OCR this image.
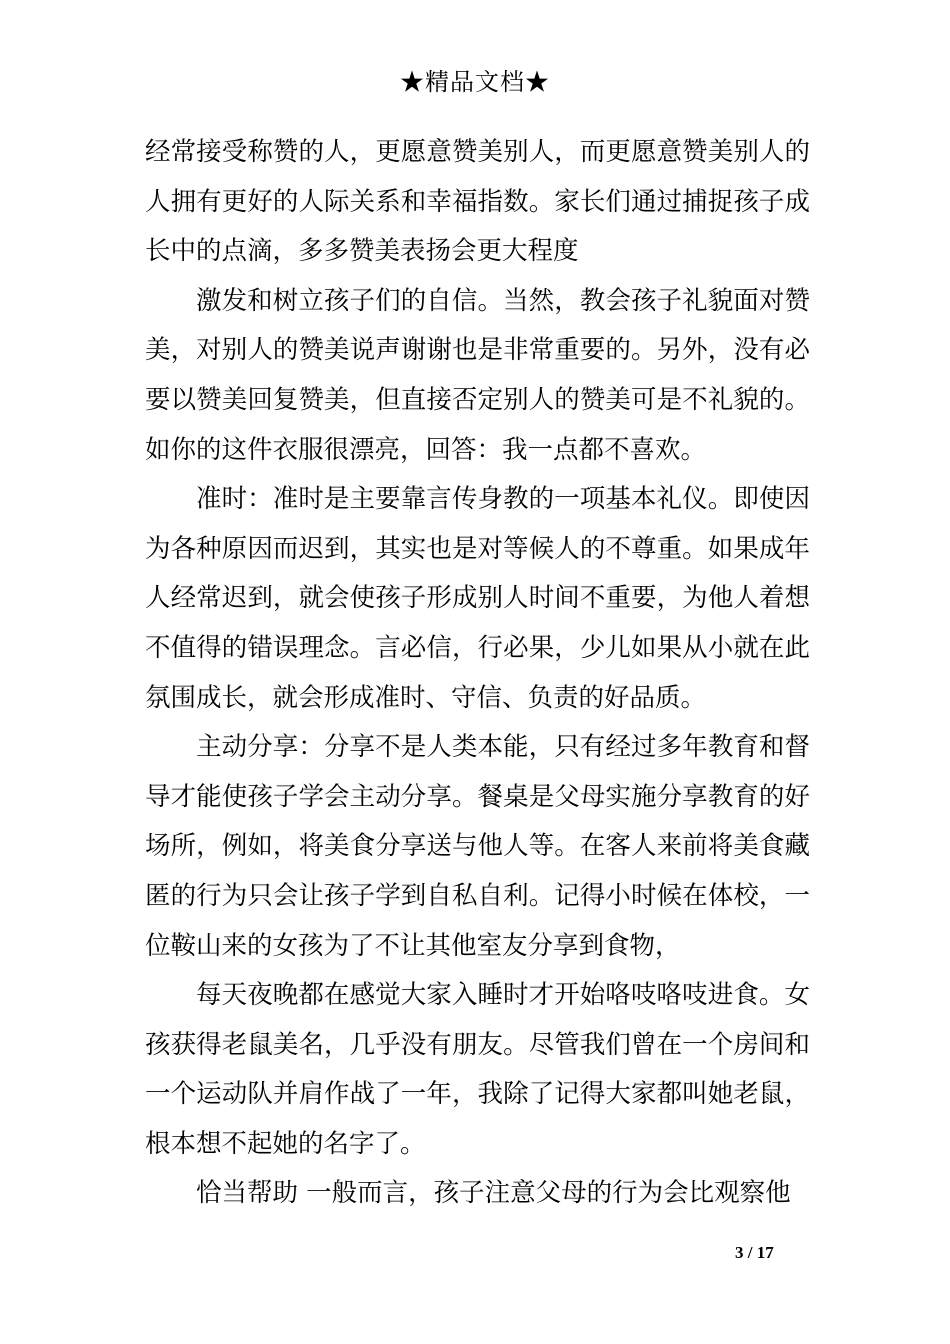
★精品文档★

经常接受称赞的人，更愿意赞美别人，而更愿意赞美别人的人拥有更好的人际关系和幸福指数。家长们通过捕捉孩子成长中的点滴，多多赞美表扬会更大程度

激发和树立孩子们的自信。当然，教会孩子礼貌面对赞美，对别人的赞美说声谢谢也是非常重要的。另外，没有必要以赞美回复赞美，但直接否定别人的赞美可是不礼貌的。如你的这件衣服很漂亮，回答：我一点都不喜欢。

准时：准时是主要靠言传身教的一项基本礼仪。即使因为各种原因而迟到，其实也是对等候人的不尊重。如果成年人经常迟到，就会使孩子形成别人时间不重要，为他人着想不值得的错误理念。言必信，行必果，少儿如果从小就在此氛围成长，就会形成准时、守信、负责的好品质。

主动分享：分享不是人类本能，只有经过多年教育和督导才能使孩子学会主动分享。餐桌是父母实施分享教育的好场所，例如，将美食分享送与他人等。在客人来前将美食藏匿的行为只会让孩子学到自私自利。记得小时候在体校，一位鞍山来的女孩为了不让其他室友分享到食物，

每天夜晚都在感觉大家入睡时才开始咯吱咯吱进食。女孩获得老鼠美名，几乎没有朋友。尽管我们曾在一个房间和一个运动队并肩作战了一年，我除了记得大家都叫她老鼠，根本想不起她的名字了。

恰当帮助 一般而言，孩子注意父母的行为会比观察他

3 / 17
